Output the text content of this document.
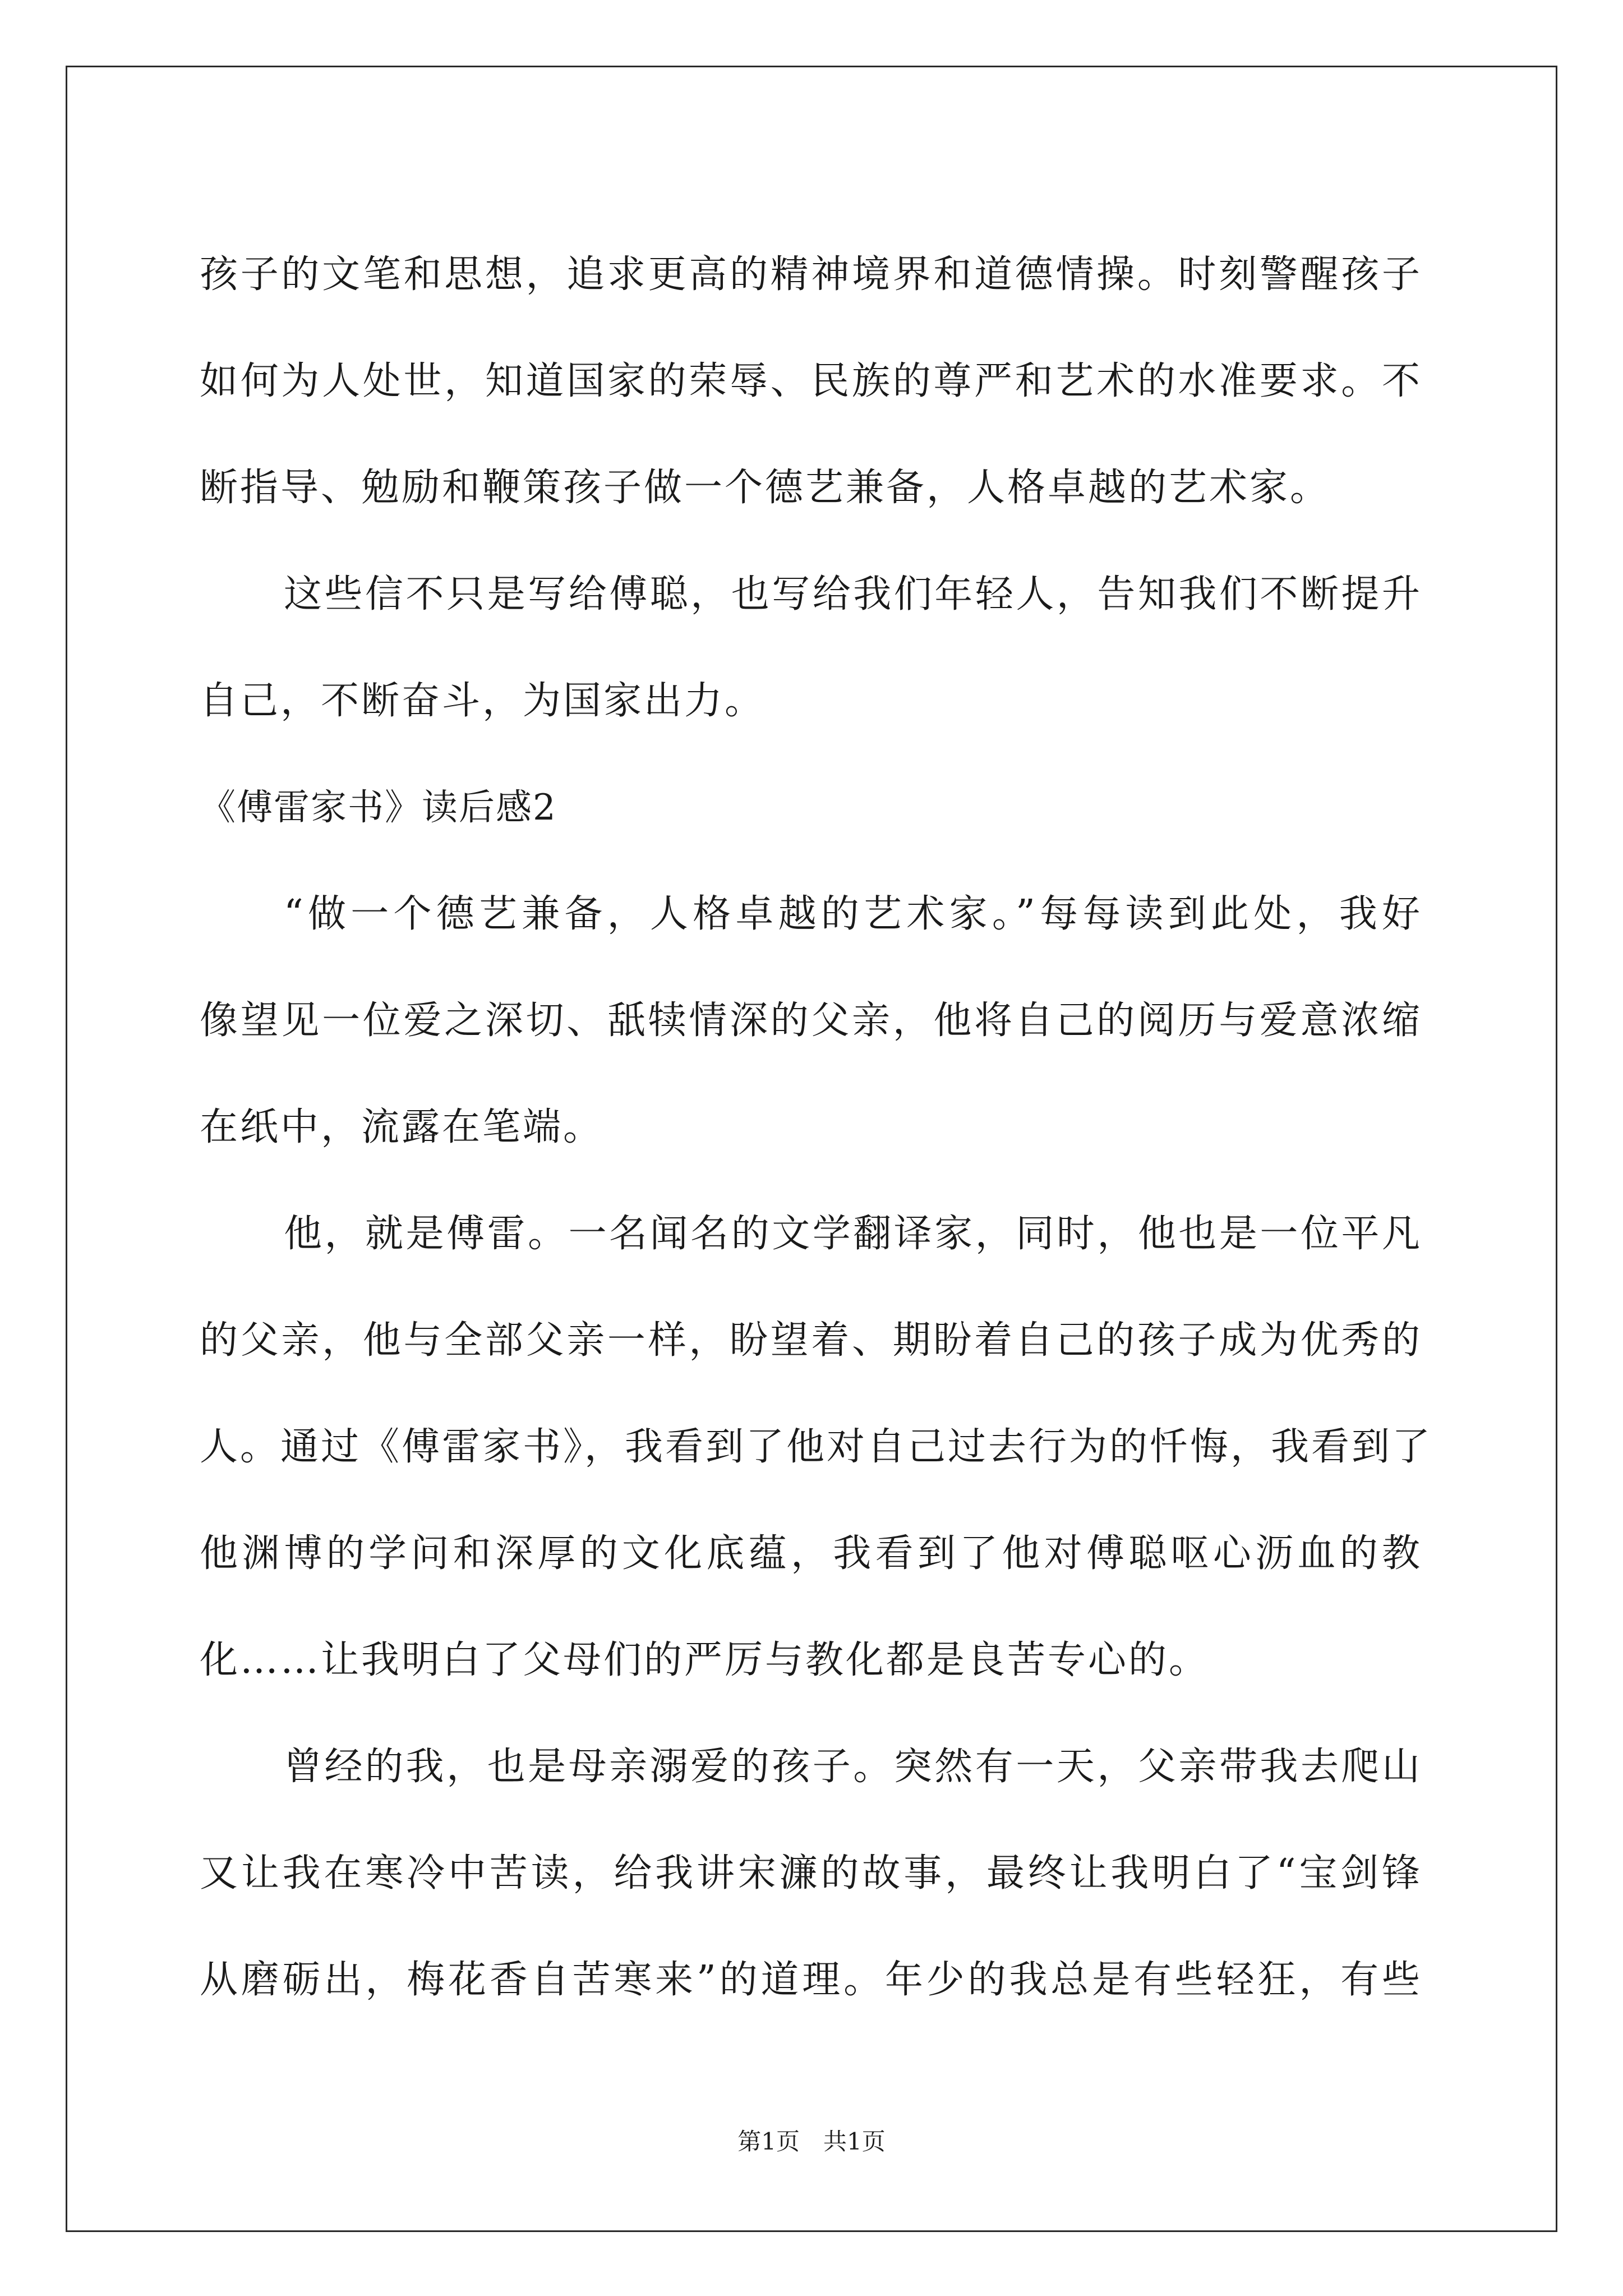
孩子的文笔和思想，追求更高的精神境界和道德情操。时刻警醒孩子
如何为人处世，知道国家的荣辱、民族的尊严和艺术的水准要求。不
断指导、勉励和鞭策孩子做一个德艺兼备，人格卓越的艺术家。
这些信不只是写给傅聪，也写给我们年轻人，告知我们不断提升
自己，不断奋斗，为国家出力。
《傅雷家书》读后感2
“做一个德艺兼备，人格卓越的艺术家。”每每读到此处，我好
像望见一位爱之深切、舐犊情深的父亲，他将自己的阅历与爱意浓缩
在纸中，流露在笔端。
他，就是傅雷。一名闻名的文学翻译家，同时，他也是一位平凡
的父亲，他与全部父亲一样，盼望着、期盼着自己的孩子成为优秀的
人。通过《傅雷家书》，我看到了他对自己过去行为的忏悔，我看到了
他渊博的学问和深厚的文化底蕴，我看到了他对傅聪呕心沥血的教
化……让我明白了父母们的严厉与教化都是良苦专心的。
曾经的我，也是母亲溺爱的孩子。突然有一天，父亲带我去爬山
又让我在寒冷中苦读，给我讲宋濂的故事，最终让我明白了“宝剑锋
从磨砺出，梅花香自苦寒来”的道理。年少的我总是有些轻狂，有些
第1页　共1页
